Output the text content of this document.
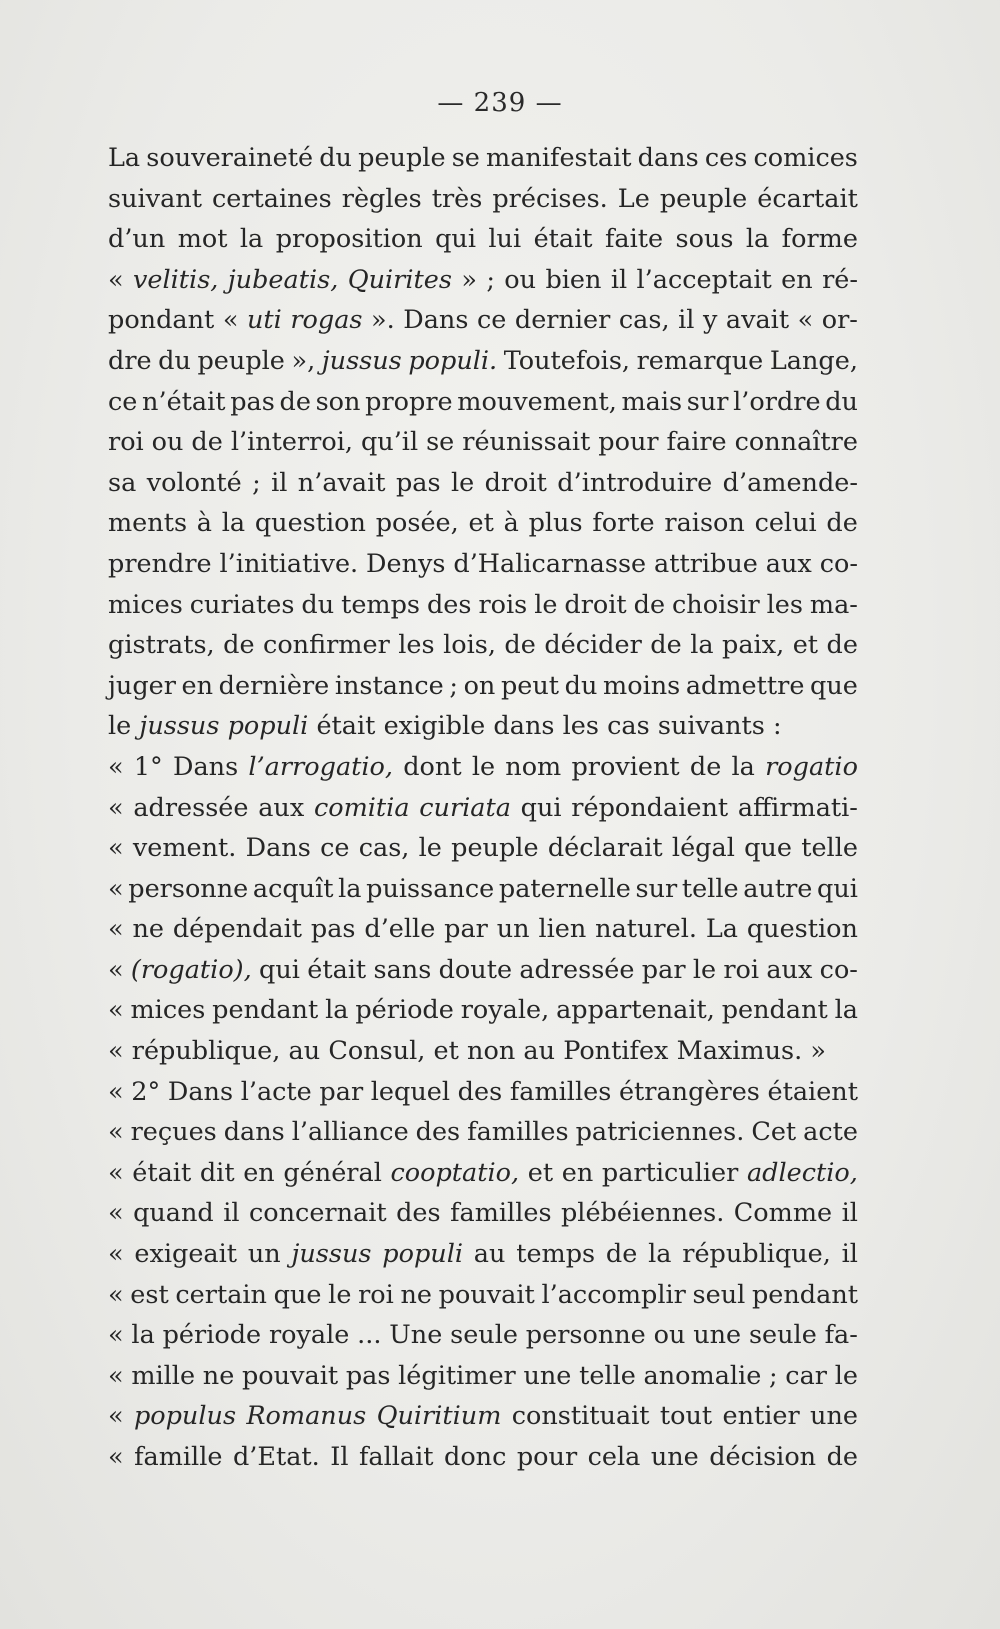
— 239 —
La souveraineté du peuple se manifestait dans ces comices
suivant certaines règles très précises. Le peuple écartait
d’un mot la proposition qui lui était faite sous la forme
« velitis, jubeatis, Quirites » ; ou bien il l’acceptait en ré-
pondant « uti rogas ». Dans ce dernier cas, il y avait « or-
dre du peuple », jussus populi. Toutefois, remarque Lange,
ce n’était pas de son propre mouvement, mais sur l’ordre du
roi ou de l’interroi, qu’il se réunissait pour faire connaître
sa volonté ; il n’avait pas le droit d’introduire d’amende-
ments à la question posée, et à plus forte raison celui de
prendre l’initiative. Denys d’Halicarnasse attribue aux co-
mices curiates du temps des rois le droit de choisir les ma-
gistrats, de confirmer les lois, de décider de la paix, et de
juger en dernière instance ; on peut du moins admettre que
le jussus populi était exigible dans les cas suivants :
« 1° Dans l’arrogatio, dont le nom provient de la rogatio
« adressée aux comitia curiata qui répondaient affirmati-
« vement. Dans ce cas, le peuple déclarait légal que telle
« personne acquît la puissance paternelle sur telle autre qui
« ne dépendait pas d’elle par un lien naturel. La question
« (rogatio), qui était sans doute adressée par le roi aux co-
« mices pendant la période royale, appartenait, pendant la
« république, au Consul, et non au Pontifex Maximus. »
« 2° Dans l’acte par lequel des familles étrangères étaient
« reçues dans l’alliance des familles patriciennes. Cet acte
« était dit en général cooptatio, et en particulier adlectio,
« quand il concernait des familles plébéiennes. Comme il
« exigeait un jussus populi au temps de la république, il
« est certain que le roi ne pouvait l’accomplir seul pendant
« la période royale ... Une seule personne ou une seule fa-
« mille ne pouvait pas légitimer une telle anomalie ; car le
« populus Romanus Quiritium constituait tout entier une
« famille d’Etat. Il fallait donc pour cela une décision de
